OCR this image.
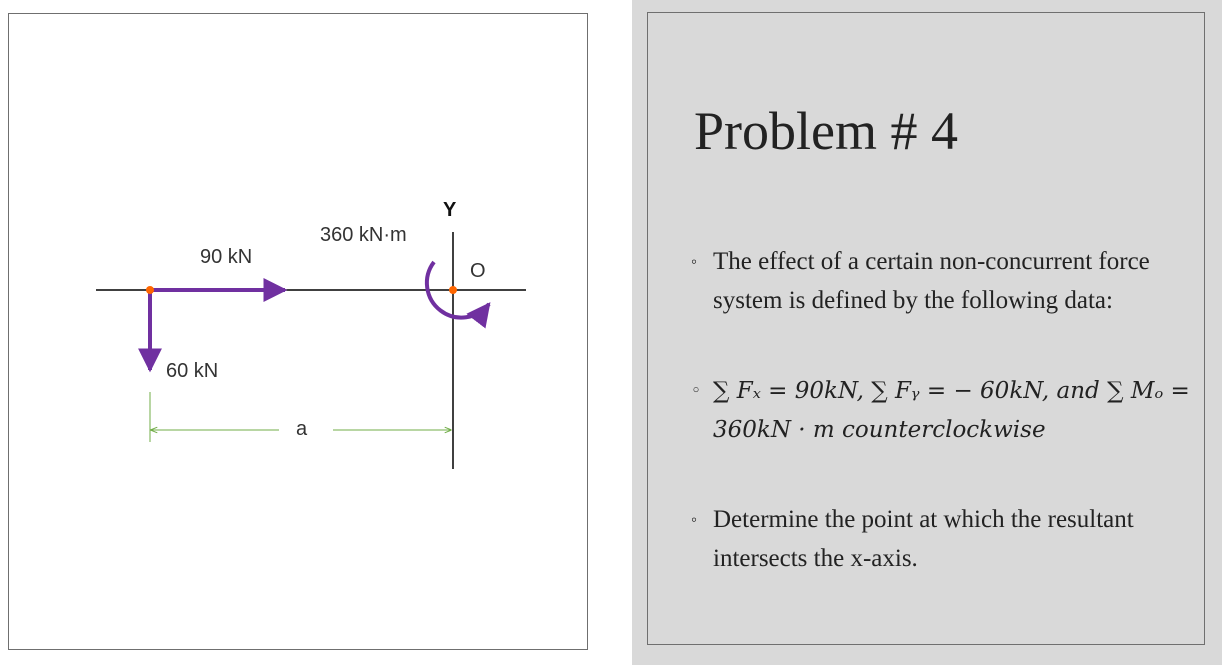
360 kN·m
90 kN
60 kN
Y
O
a
Problem # 4
◦ The effect of a certain non-concurrent force system is defined by the following data:
◦ ∑ Fₓ = 90kN, ∑ Fᵧ = − 60kN, and ∑ Mₒ = 360kN · m counterclockwise
◦ Determine the point at which the resultant intersects the x-axis.
